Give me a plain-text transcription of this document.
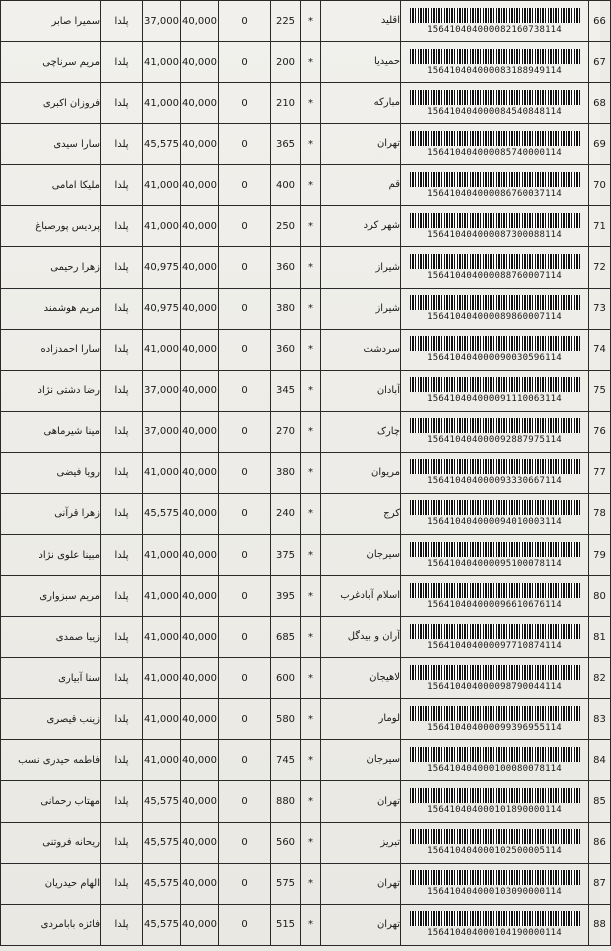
سمیرا صابر	پلدا	37,000	40,000	0	225	*	اقلید	156410404000082160738114	66
مریم سرناچی	پلدا	41,000	40,000	0	200	*	حمیدیا	156410404000083188949114	67
فروزان اکبری	پلدا	41,000	40,000	0	210	*	مبارکه	156410404000084540848114	68
سارا سیدی	پلدا	45,575	40,000	0	365	*	تهران	156410404000085740000114	69
ملیکا امامی	پلدا	41,000	40,000	0	400	*	قم	156410404000086760037114	70
پردیس پورصباغ	پلدا	41,000	40,000	0	250	*	شهر کرد	156410404000087300088114	71
زهرا رحیمی	پلدا	40,975	40,000	0	360	*	شیراز	156410404000088760007114	72
مریم هوشمند	پلدا	40,975	40,000	0	380	*	شیراز	156410404000089860007114	73
سارا احمدزاده	پلدا	41,000	40,000	0	360	*	سردشت	156410404000090030596114	74
رضا دشتی نژاد	پلدا	37,000	40,000	0	345	*	آبادان	156410404000091110063114	75
مینا شیرماهی	پلدا	37,000	40,000	0	270	*	چارک	156410404000092887975114	76
رویا فیضی	پلدا	41,000	40,000	0	380	*	مریوان	156410404000093330667114	77
زهرا قرآنی	پلدا	45,575	40,000	0	240	*	کرج	156410404000094010003114	78
مبینا علوی نژاد	پلدا	41,000	40,000	0	375	*	سیرجان	156410404000095100078114	79
مریم سبزواری	پلدا	41,000	40,000	0	395	*	اسلام آبادغرب	156410404000096610676114	80
زیبا صمدی	پلدا	41,000	40,000	0	685	*	آران و بیدگل	156410404000097710874114	81
سنا آبیاری	پلدا	41,000	40,000	0	600	*	لاهیجان	156410404000098790044114	82
زینب قیصری	پلدا	41,000	40,000	0	580	*	لومار	156410404000099396955114	83
فاطمه حیدری نسب	پلدا	41,000	40,000	0	745	*	سیرجان	156410404000100080078114	84
مهتاب رحمانی	پلدا	45,575	40,000	0	880	*	تهران	156410404000101890000114	85
ریحانه فروتنی	پلدا	45,575	40,000	0	560	*	تبریز	156410404000102500005114	86
الهام حیدریان	پلدا	45,575	40,000	0	575	*	تهران	156410404000103090000114	87
فائزه بابامردی	پلدا	45,575	40,000	0	515	*	تهران	156410404000104190000114	88
